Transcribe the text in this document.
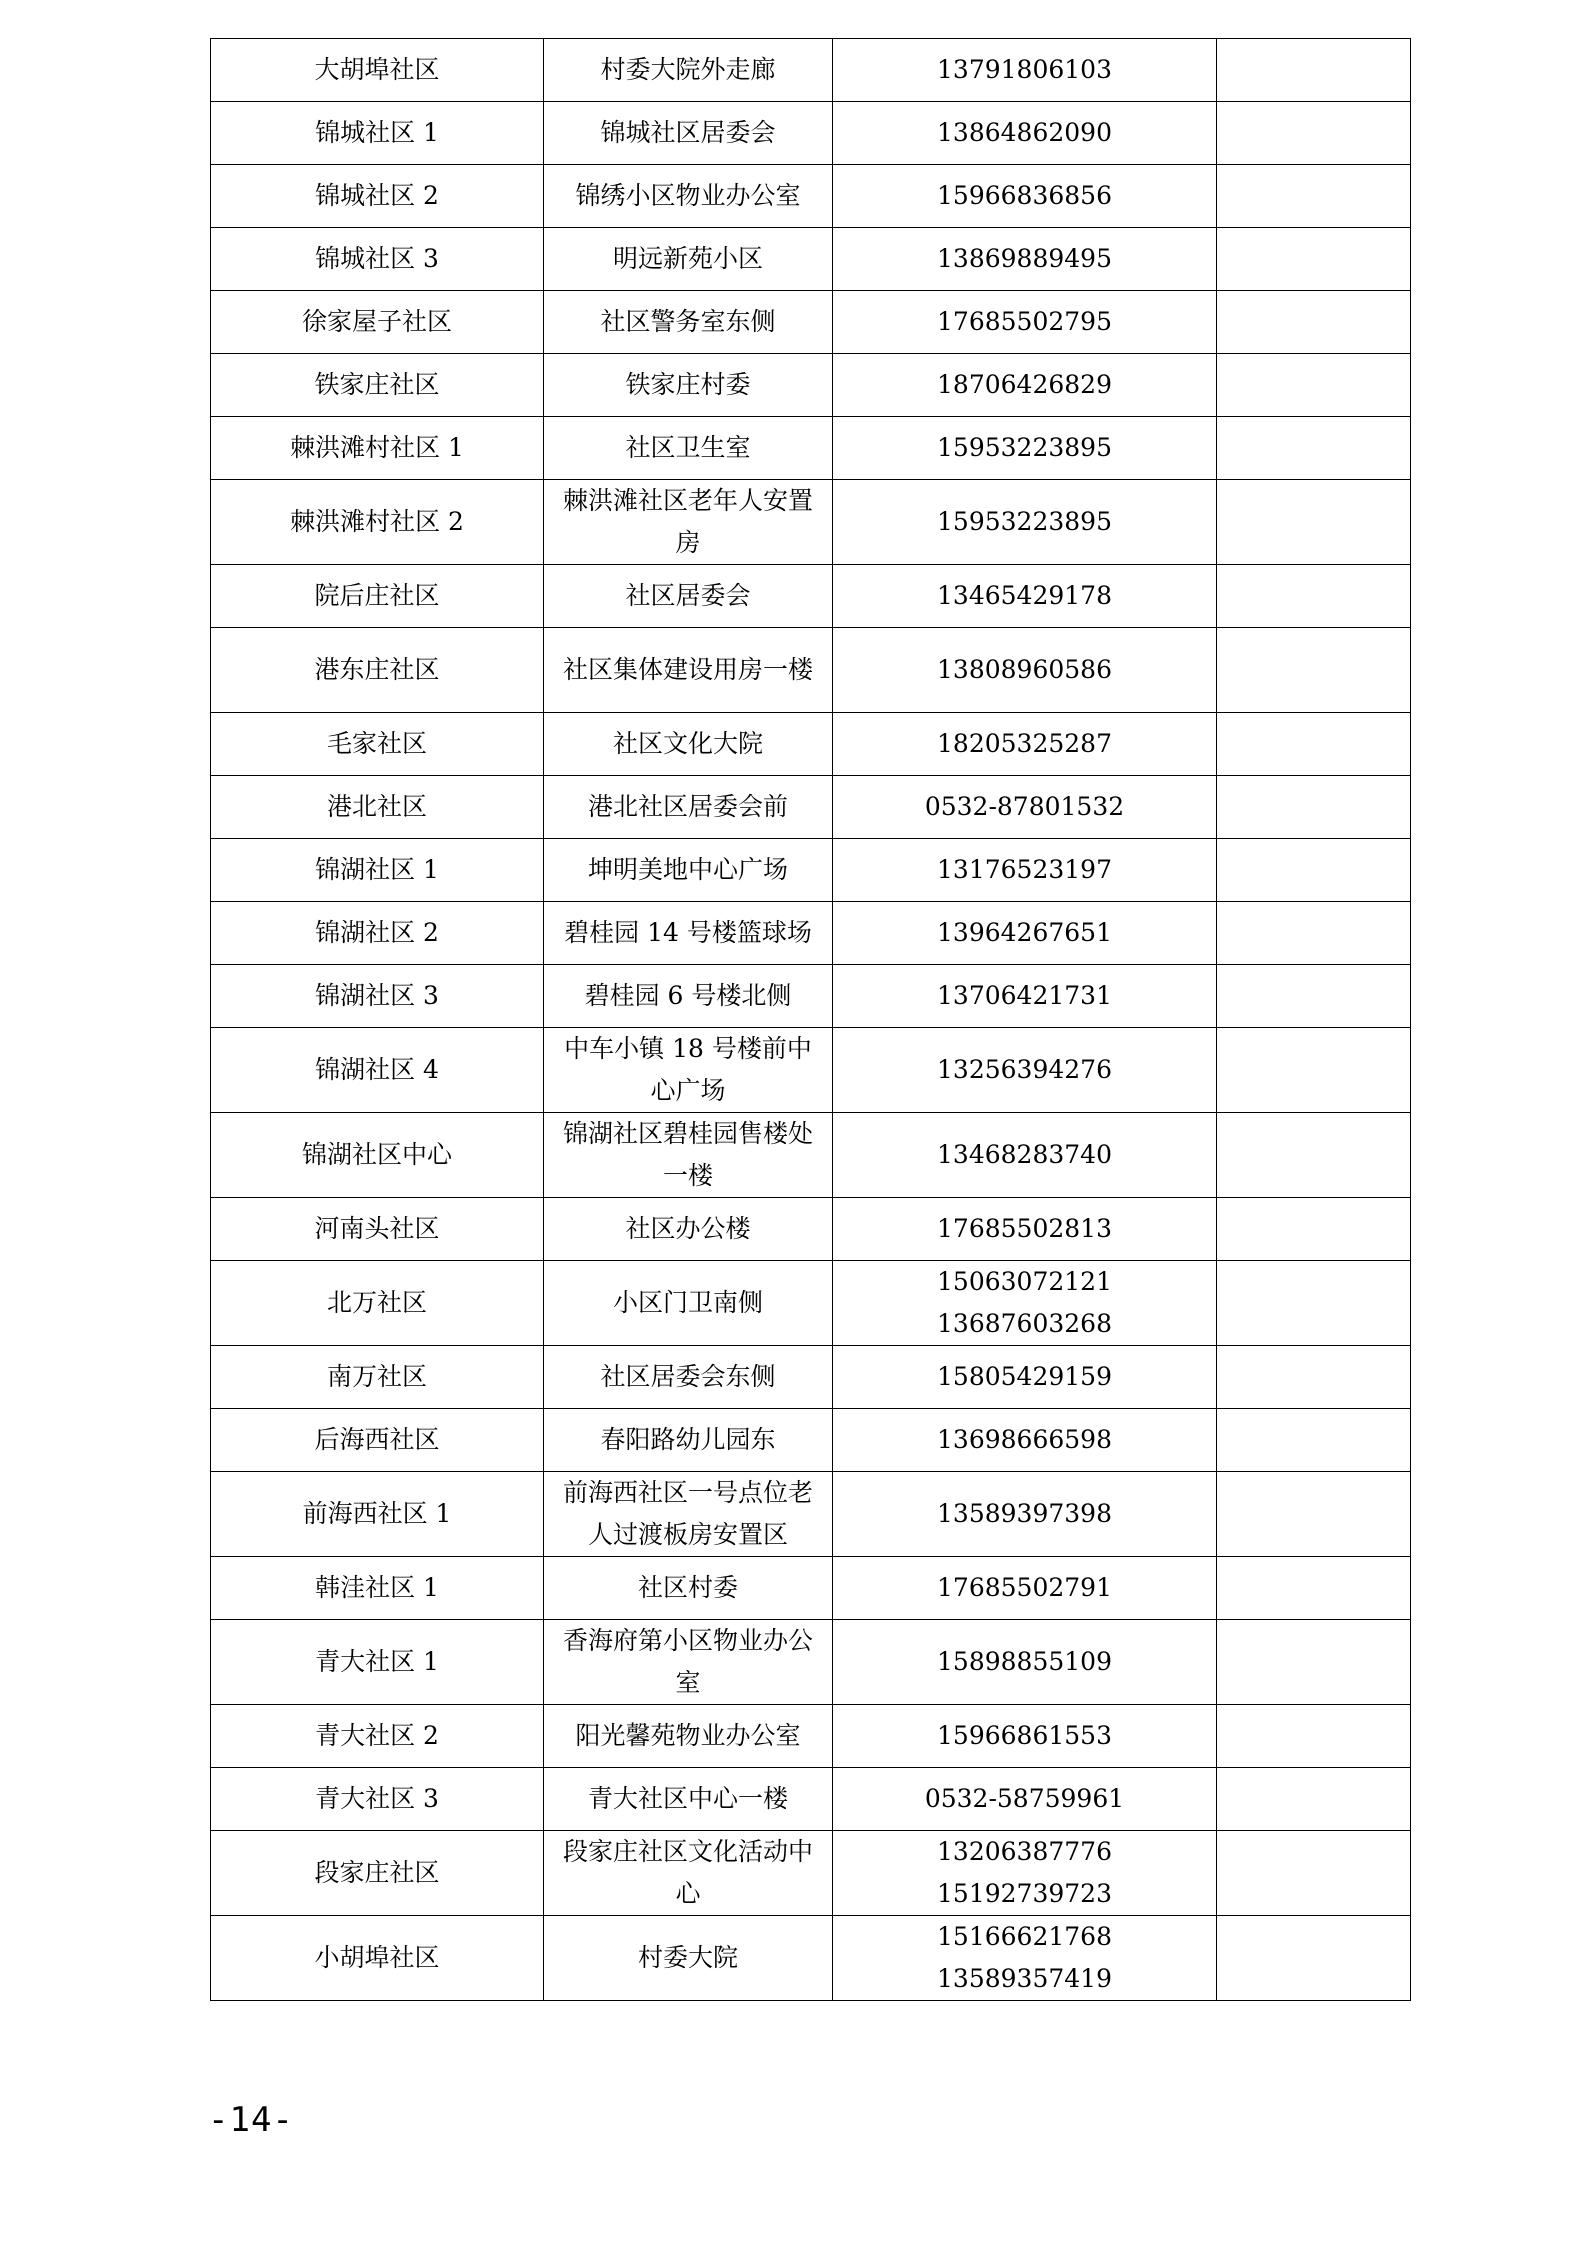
大胡埠社区	村委大院外走廊	13791806103	

锦城社区 1	锦城社区居委会	13864862090	

锦城社区 2	锦绣小区物业办公室	15966836856	

锦城社区 3	明远新苑小区	13869889495	

徐家屋子社区	社区警务室东侧	17685502795	

铁家庄社区	铁家庄村委	18706426829	

棘洪滩村社区 1	社区卫生室	15953223895	

棘洪滩村社区 2	棘洪滩社区老年人安置房	15953223895	

院后庄社区	社区居委会	13465429178	

港东庄社区	社区集体建设用房一楼	13808960586	

毛家社区	社区文化大院	18205325287	

港北社区	港北社区居委会前	0532-87801532	

锦湖社区 1	坤明美地中心广场	13176523197	

锦湖社区 2	碧桂园 14 号楼篮球场	13964267651	

锦湖社区 3	碧桂园 6 号楼北侧	13706421731	

锦湖社区 4	中车小镇 18 号楼前中心广场	13256394276	

锦湖社区中心	锦湖社区碧桂园售楼处一楼	13468283740	

河南头社区	社区办公楼	17685502813	

北万社区	小区门卫南侧	15063072121
13687603268	

南万社区	社区居委会东侧	15805429159	

后海西社区	春阳路幼儿园东	13698666598	

前海西社区 1	前海西社区一号点位老人过渡板房安置区	13589397398	

韩洼社区 1	社区村委	17685502791	

青大社区 1	香海府第小区物业办公室	15898855109	

青大社区 2	阳光馨苑物业办公室	15966861553	

青大社区 3	青大社区中心一楼	0532-58759961	

段家庄社区	段家庄社区文化活动中心	13206387776
15192739723	

小胡埠社区	村委大院	15166621768
13589357419	

-14-
